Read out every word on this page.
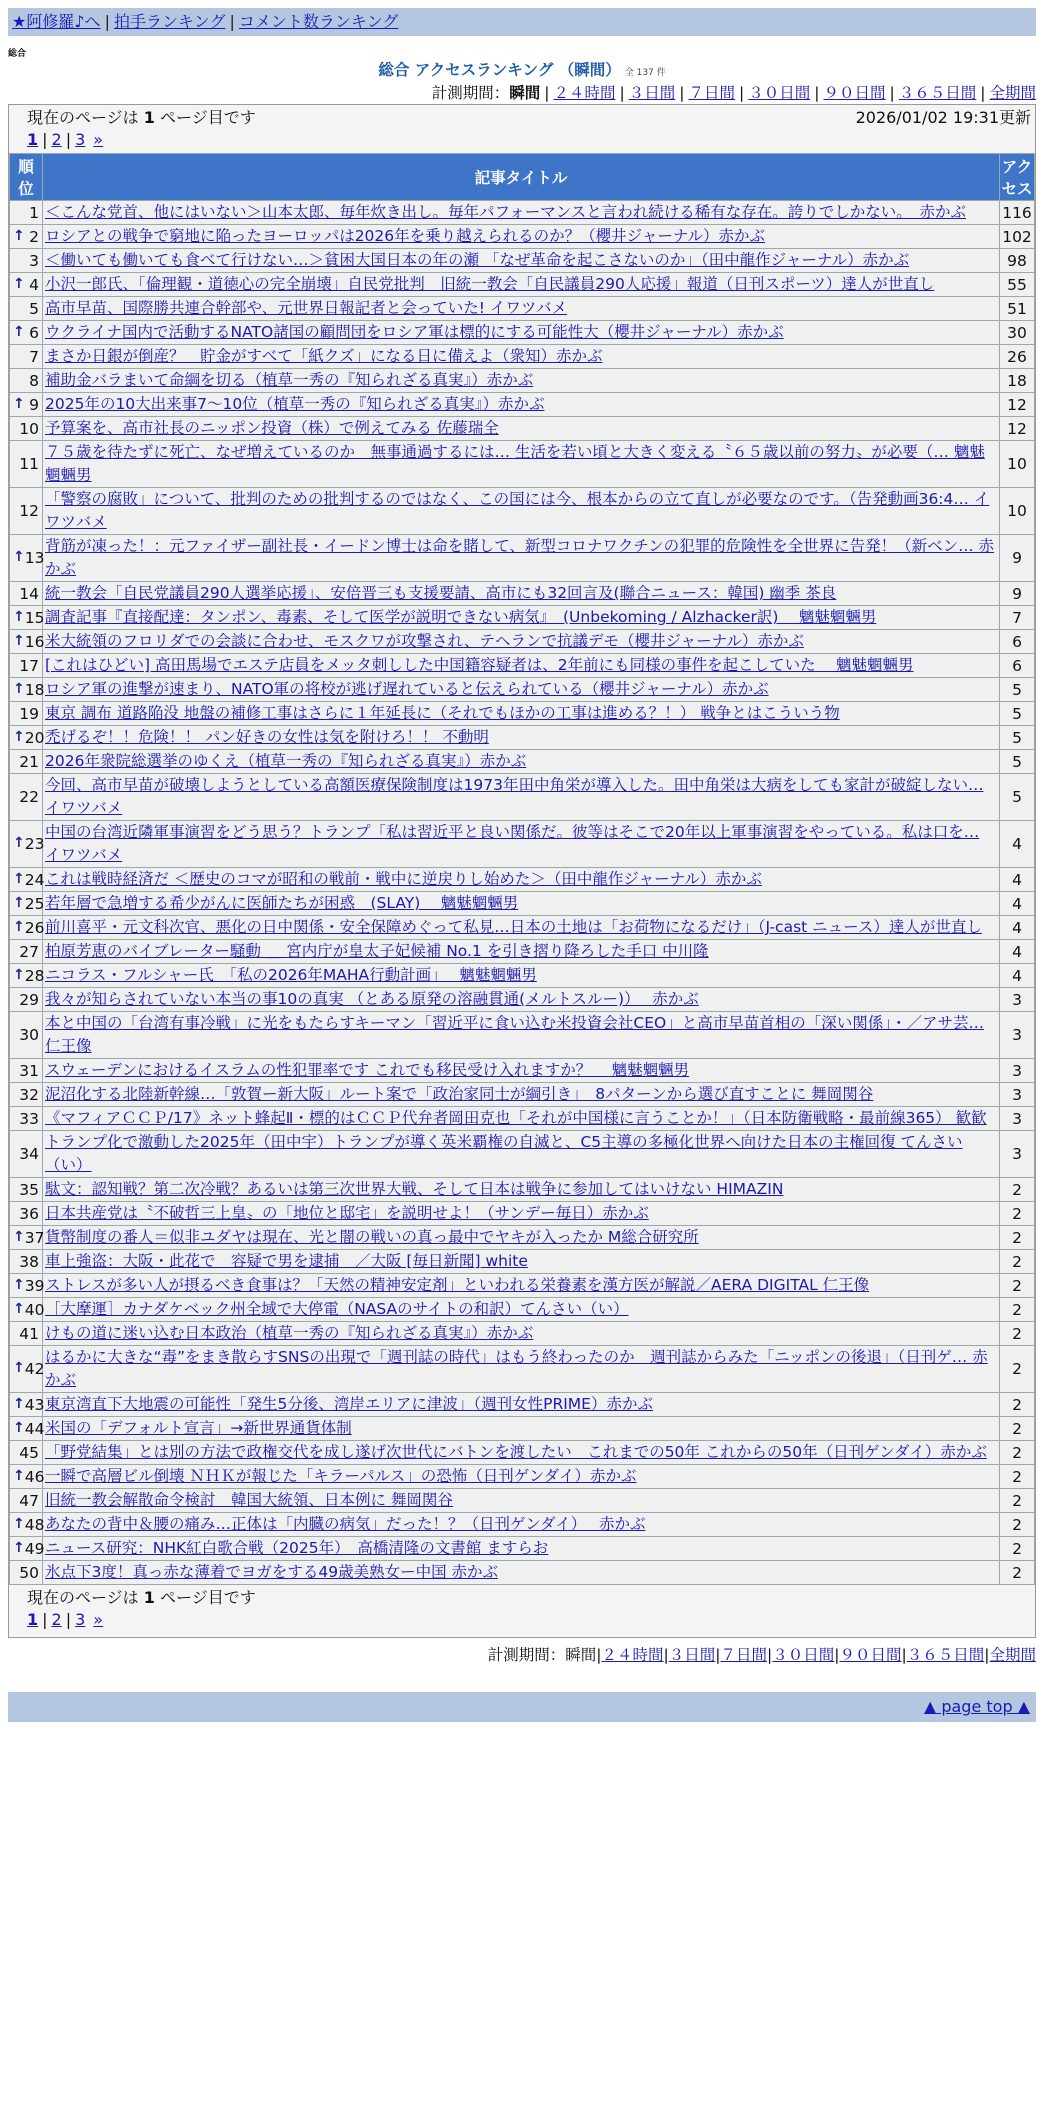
★阿修羅♪へ | 拍手ランキング | コメント数ランキング
総合
総合 アクセスランキング （瞬間） 全 137 件
計測期間：瞬間 | ２４時間 | ３日間 | ７日間 | ３０日間 | ９０日間 | ３６５日間 | 全期間
現在のページは 1 ページ目です	2026/01/02 19:31更新
1 | 2 | 3 »
順位	記事タイトル	アクセス
1	＜こんな党首、他にはいない＞山本太郎、毎年炊き出し。毎年パフォーマンスと言われ続ける稀有な存在。誇りでしかない。　赤かぶ	116

↑ 2	ロシアとの戦争で窮地に陥ったヨーロッパは2026年を乗り越えられるのか？（櫻井ジャーナル）赤かぶ	102
3	＜働いても働いても食べて行けない…＞貧困大国日本の年の瀬 「なぜ革命を起こさないのか」（田中龍作ジャーナル）赤かぶ	98

↑ 4	小沢一郎氏、「倫理観・道徳心の完全崩壊」自民党批判　旧統一教会「自民議員290人応援」報道（日刊スポーツ）達人が世直し	55
5	高市早苗、国際勝共連合幹部や、元世界日報記者と会っていた! イワツバメ	51

↑ 6	ウクライナ国内で活動するNATO諸国の顧問団をロシア軍は標的にする可能性大（櫻井ジャーナル）赤かぶ	30
7	まさか日銀が倒産？　貯金がすべて「紙クズ」になる日に備えよ（衆知）赤かぶ	26
8	補助金バラまいて命綱を切る（植草一秀の『知られざる真実』）赤かぶ	18

↑ 9	2025年の10大出来事7～10位（植草一秀の『知られざる真実』）赤かぶ	12
10	予算案を、高市社長のニッポン投資（株）で例えてみる 佐藤瑞全	12
11	７５歳を待たずに死亡、なぜ増えているのか　無事通過するには… 生活を若い頃と大きく変える〝６５歳以前の努力〟が必要（… 魑魅魍魎男	10
12	「警察の腐敗」について、批判のための批判するのではなく、この国には今、根本からの立て直しが必要なのです。（告発動画36:4… イワツバメ	10

↑ 13	背筋が凍った！：元ファイザー副社長・イードン博士は命を賭して、新型コロナワクチンの犯罪的危険性を全世界に告発！（新ベン… 赤かぶ	9
14	統一教会「自民党議員290人選挙応援」、安倍晋三も支援要請、高市にも32回言及(聯合ニュース：韓国) 幽季 茶良	9

↑ 15	調査記事『直接配達：タンポン、毒素、そして医学が説明できない病気』　(Unbekoming / Alzhacker訳)　 魑魅魍魎男	7

↑ 16	米大統領のフロリダでの会談に合わせ、モスクワが攻撃され、テヘランで抗議デモ（櫻井ジャーナル）赤かぶ	6
17	[これはひどい] 高田馬場でエステ店員をメッタ刺しした中国籍容疑者は、2年前にも同様の事件を起こしていた　 魑魅魍魎男	6

↑ 18	ロシア軍の進撃が速まり、NATO軍の将校が逃げ遅れていると伝えられている（櫻井ジャーナル）赤かぶ	5
19	東京 調布 道路陥没 地盤の補修工事はさらに１年延長に（それでもほかの工事は進める？！） 戦争とはこういう物	5

↑ 20	禿げるぞ！！危険！！ パン好きの女性は気を附けろ！！ 不動明	5
21	2026年衆院総選挙のゆくえ（植草一秀の『知られざる真実』）赤かぶ	5
22	今回、高市早苗が破壊しようとしている高額医療保険制度は1973年田中角栄が導入した。田中角栄は大病をしても家計が破綻しない… イワツバメ	5

↑ 23	中国の台湾近隣軍事演習をどう思う？トランプ「私は習近平と良い関係だ。彼等はそこで20年以上軍事演習をやっている。私は口を… イワツバメ	4

↑ 24	これは戦時経済だ ＜歴史のコマが昭和の戦前・戦中に逆戻りし始めた＞（田中龍作ジャーナル）赤かぶ	4

↑ 25	若年層で急増する希少がんに医師たちが困惑　(SLAY)　 魑魅魍魎男	4

↑ 26	前川喜平・元文科次官、悪化の日中関係・安全保障めぐって私見…日本の土地は「お荷物になるだけ」（J-cast ニュース）達人が世直し	4
27	柏原芳恵のバイブレーター騒動 ＿ 宮内庁が皇太子妃候補 No.1 を引き摺り降ろした手口 中川隆	4

↑ 28	ニコラス・フルシャー氏　「私の2026年MAHA行動計画」　 魑魅魍魎男	4
29	我々が知らされていない本当の事10の真実 （とある原発の溶融貫通(メルトスルー)）　 赤かぶ	3
30	本と中国の「台湾有事冷戦」に光をもたらすキーマン「習近平に食い込む米投資会社CEO」と高市早苗首相の「深い関係」・／アサ芸… 仁王像	3
31	スウェーデンにおけるイスラムの性犯罪率です これでも移民受け入れますか？　 魑魅魍魎男	3
32	泥沼化する北陸新幹線…「敦賀ー新大阪」ルート案で「政治家同士が綱引き」　8パターンから選び直すことに 舞岡関谷	3
33	《マフィアＣＣＰ/17》ネット蜂起Ⅱ・標的はＣＣＰ代弁者岡田克也「それが中国様に言うことか！」（日本防衛戦略・最前線365） 歓歓	3
34	トランプ化で激動した2025年（田中宇）トランプが導く英米覇権の自滅と、C5主導の多極化世界へ向けた日本の主権回復 てんさい（い）	3
35	駄文：認知戦？第二次冷戦？あるいは第三次世界大戦、そして日本は戦争に参加してはいけない HIMAZIN	2
36	日本共産党は〝不破哲三上皇〟の「地位と邸宅」を説明せよ！（サンデー毎日）赤かぶ	2

↑ 37	貨幣制度の番人＝似非ユダヤは現在、光と闇の戦いの真っ最中でヤキが入ったか M総合研究所	2
38	車上強盗：大阪・此花で　容疑で男を逮捕　／大阪 [毎日新聞] white	2

↑ 39	ストレスが多い人が摂るべき食事は？「天然の精神安定剤」といわれる栄養素を漢方医が解説／AERA DIGITAL 仁王像	2

↑ 40	［大摩運］カナダケベック州全域で大停電（NASAのサイトの和訳）てんさい（い）	2
41	けもの道に迷い込む日本政治（植草一秀の『知られざる真実』）赤かぶ	2

↑ 42	はるかに大きな“毒”をまき散らすSNSの出現で「週刊誌の時代」はもう終わったのか　週刊誌からみた「ニッポンの後退」（日刊ゲ… 赤かぶ	2

↑ 43	東京湾直下大地震の可能性「発生5分後、湾岸エリアに津波」（週刊女性PRIME）赤かぶ	2

↑ 44	米国の「デフォルト宣言」→新世界通貨体制	2
45	「野党結集」とは別の方法で政権交代を成し遂げ次世代にバトンを渡したい　これまでの50年 これからの50年（日刊ゲンダイ）赤かぶ	2

↑ 46	一瞬で高層ビル倒壊 ＮＨＫが報じた「キラーパルス」の恐怖（日刊ゲンダイ）赤かぶ	2
47	旧統一教会解散命令検討　韓国大統領、日本例に 舞岡関谷	2

↑ 48	あなたの背中＆腰の痛み…正体は「内臓の病気」だった！？（日刊ゲンダイ）　 赤かぶ	2

↑ 49	ニュース研究：NHK紅白歌合戦（2025年）　高橋清隆の文書館 ますらお	2
50	氷点下3度！真っ赤な薄着でヨガをする49歳美熟女ー中国 赤かぶ	2
現在のページは 1 ページ目です
1 | 2 | 3 »
計測期間：瞬間|２４時間|３日間|７日間|３０日間|９０日間|３６５日間|全期間
▲ page top ▲
